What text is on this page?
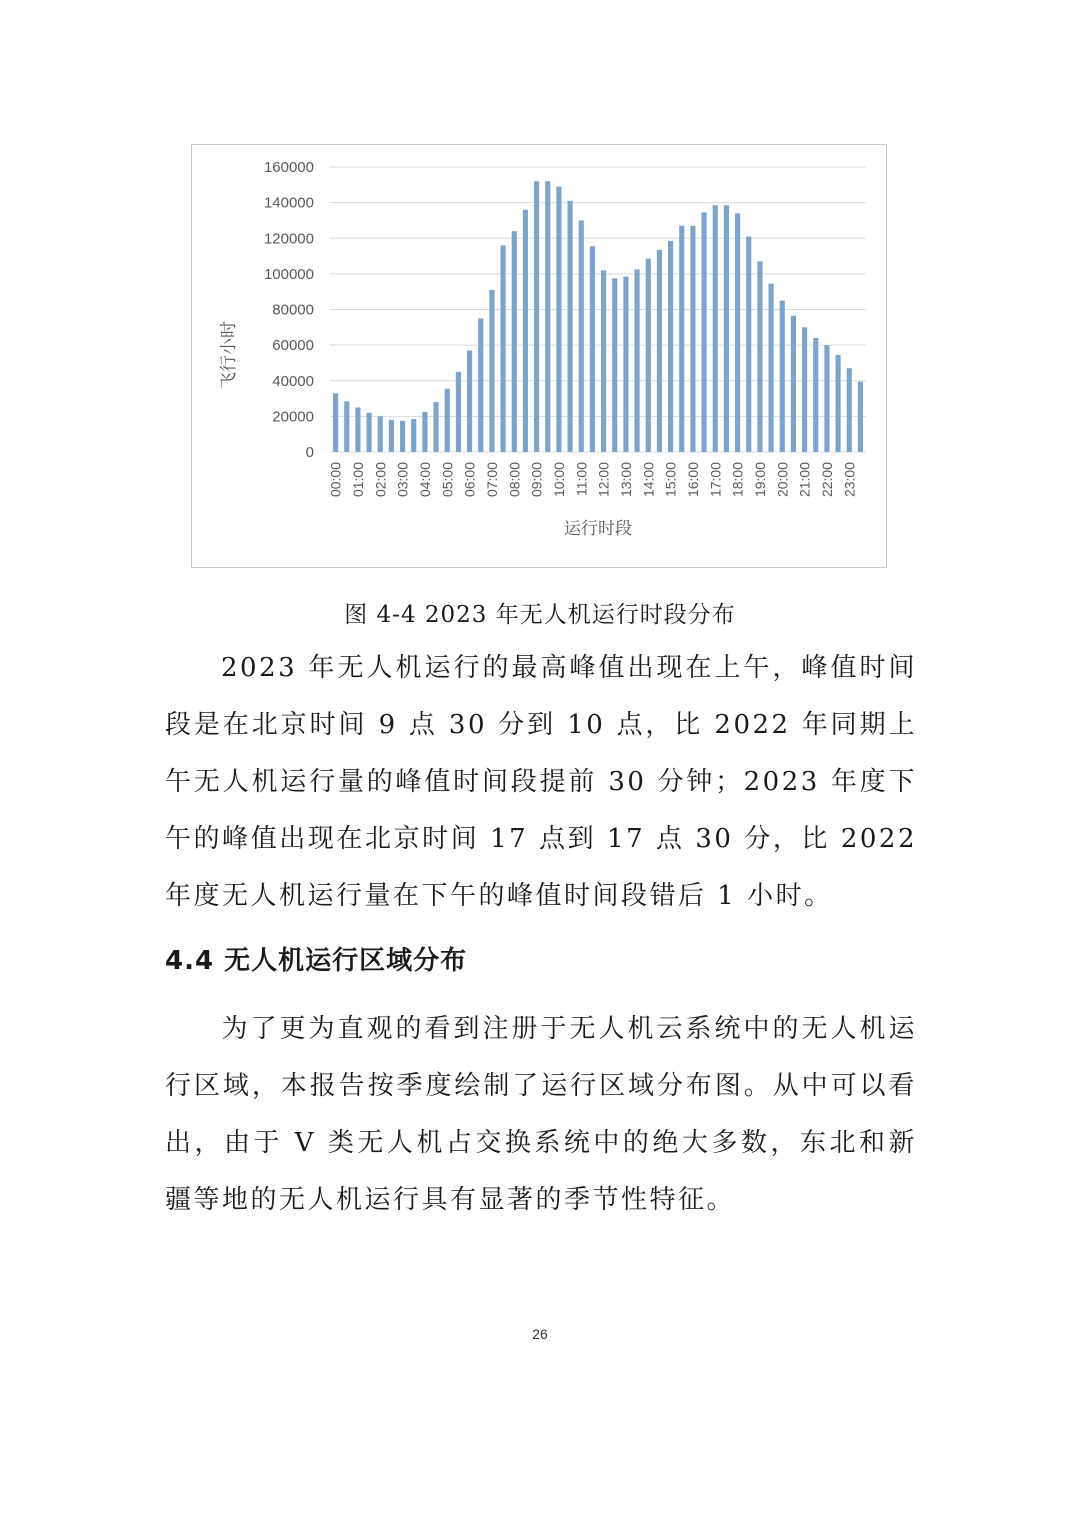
0
20000
40000
60000
80000
100000
120000
140000
160000
00:00 01:00 02:00 03:00 04:00 05:00 06:00 07:00 08:00 09:00 10:00 11:00 12:00 13:00 14:00 15:00 16:00 17:00 18:00 19:00 20:00 21:00 22:00 23:00
飞行小时
运行时段
图 4-4 2023 年无人机运行时段分布

2023 年无人机运行的最高峰值出现在上午，峰值时间段是在北京时间 9 点 30 分到 10 点，比 2022 年同期上午无人机运行量的峰值时间段提前 30 分钟；2023 年度下午的峰值出现在北京时间 17 点到 17 点 30 分，比 2022 年度无人机运行量在下午的峰值时间段错后 1 小时。

4.4 无人机运行区域分布

为了更为直观的看到注册于无人机云系统中的无人机运行区域，本报告按季度绘制了运行区域分布图。从中可以看出，由于 V 类无人机占交换系统中的绝大多数，东北和新疆等地的无人机运行具有显著的季节性特征。

26
